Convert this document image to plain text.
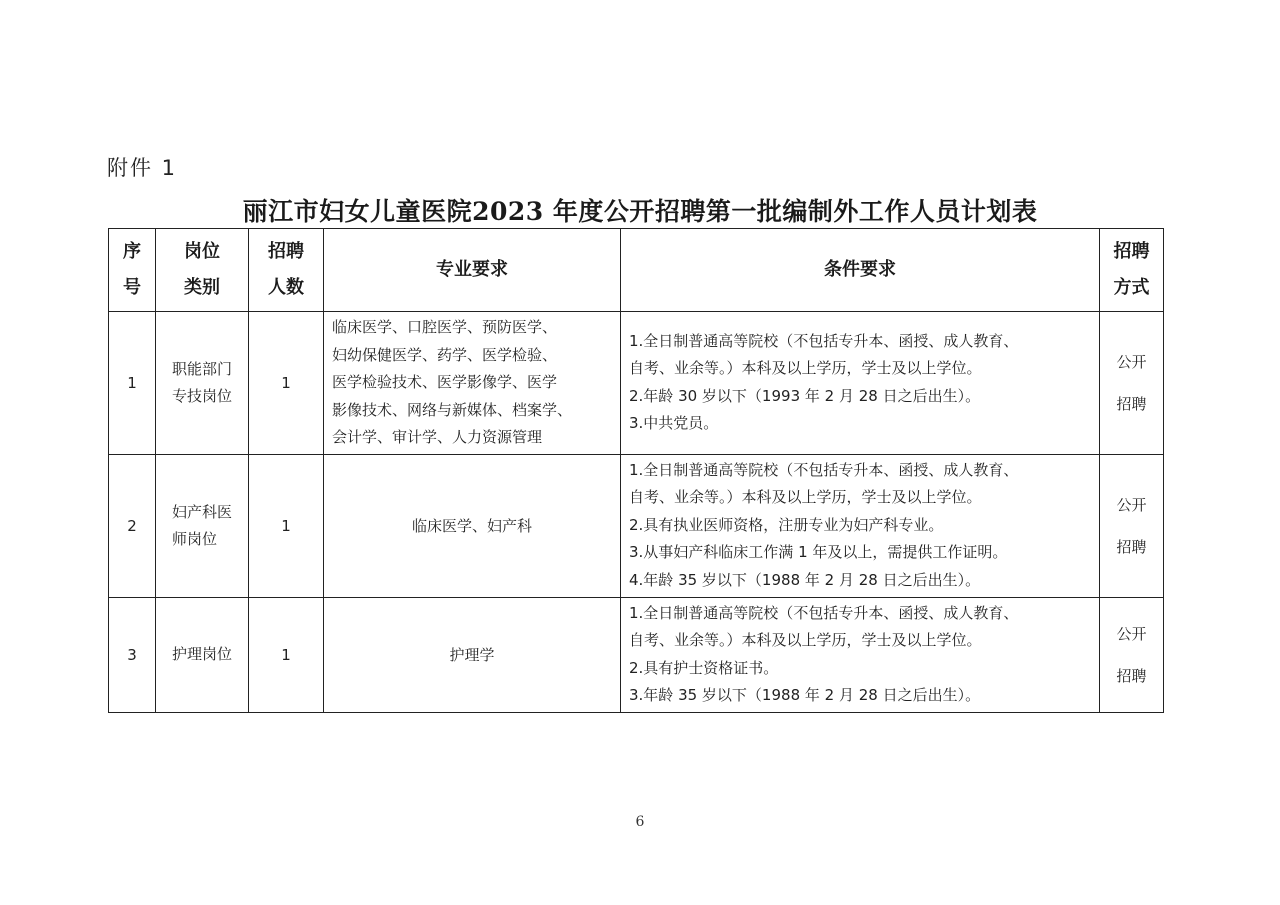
附件 1
丽江市妇女儿童医院2023 年度公开招聘第一批编制外工作人员计划表
序
号	岗位
类别	招聘
人数	专业要求	条件要求	招聘
方式

1	职能部门
专技岗位	1	临床医学、口腔医学、预防医学、
妇幼保健医学、药学、医学检验、
医学检验技术、医学影像学、医学
影像技术、网络与新媒体、档案学、
会计学、审计学、人力资源管理	1.全日制普通高等院校（不包括专升本、函授、成人教育、
自考、业余等。）本科及以上学历，学士及以上学位。
2.年龄 30 岁以下（1993 年 2 月 28 日之后出生）。
3.中共党员。	公开
招聘

2	妇产科医
师岗位	1	临床医学、妇产科	1.全日制普通高等院校（不包括专升本、函授、成人教育、
自考、业余等。）本科及以上学历，学士及以上学位。
2.具有执业医师资格，注册专业为妇产科专业。
3.从事妇产科临床工作满 1 年及以上，需提供工作证明。
4.年龄 35 岁以下（1988 年 2 月 28 日之后出生）。	公开
招聘

3	护理岗位	1	护理学	1.全日制普通高等院校（不包括专升本、函授、成人教育、
自考、业余等。）本科及以上学历，学士及以上学位。
2.具有护士资格证书。
3.年龄 35 岁以下（1988 年 2 月 28 日之后出生）。	公开
招聘
6
